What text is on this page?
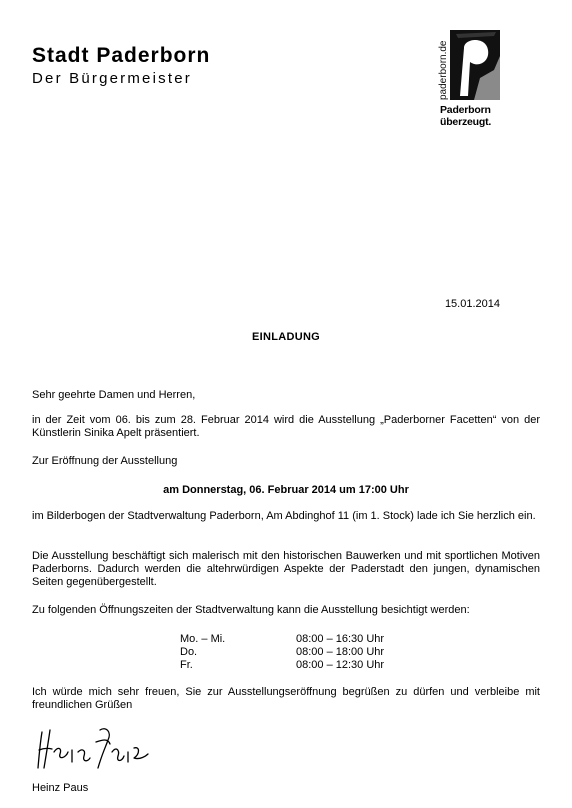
Stadt Paderborn
Der Bürgermeister	paderborn.de
Paderborn
überzeugt.
15.01.2014
EINLADUNG
Sehr geehrte Damen und Herren,
in der Zeit vom 06. bis zum 28. Februar 2014 wird die Ausstellung „Paderborner Facetten“ von der Künstlerin Sinika Apelt präsentiert.
Zur Eröffnung der Ausstellung
am Donnerstag, 06. Februar 2014 um 17:00 Uhr
im Bilderbogen der Stadtverwaltung Paderborn, Am Abdinghof 11 (im 1. Stock) lade ich Sie herzlich ein.
Die Ausstellung beschäftigt sich malerisch mit den historischen Bauwerken und mit sportlichen Motiven Paderborns. Dadurch werden die altehrwürdigen Aspekte der Paderstadt den jungen, dynamischen Seiten gegenübergestellt.
Zu folgenden Öffnungszeiten der Stadtverwaltung kann die Ausstellung besichtigt werden:
Mo. – Mi.	08:00 – 16:30 Uhr
Do.	08:00 – 18:00 Uhr
Fr.	08:00 – 12:30 Uhr
Ich würde mich sehr freuen, Sie zur Ausstellungseröffnung begrüßen zu dürfen und verbleibe mit freundlichen Grüßen
Heinz Paus
